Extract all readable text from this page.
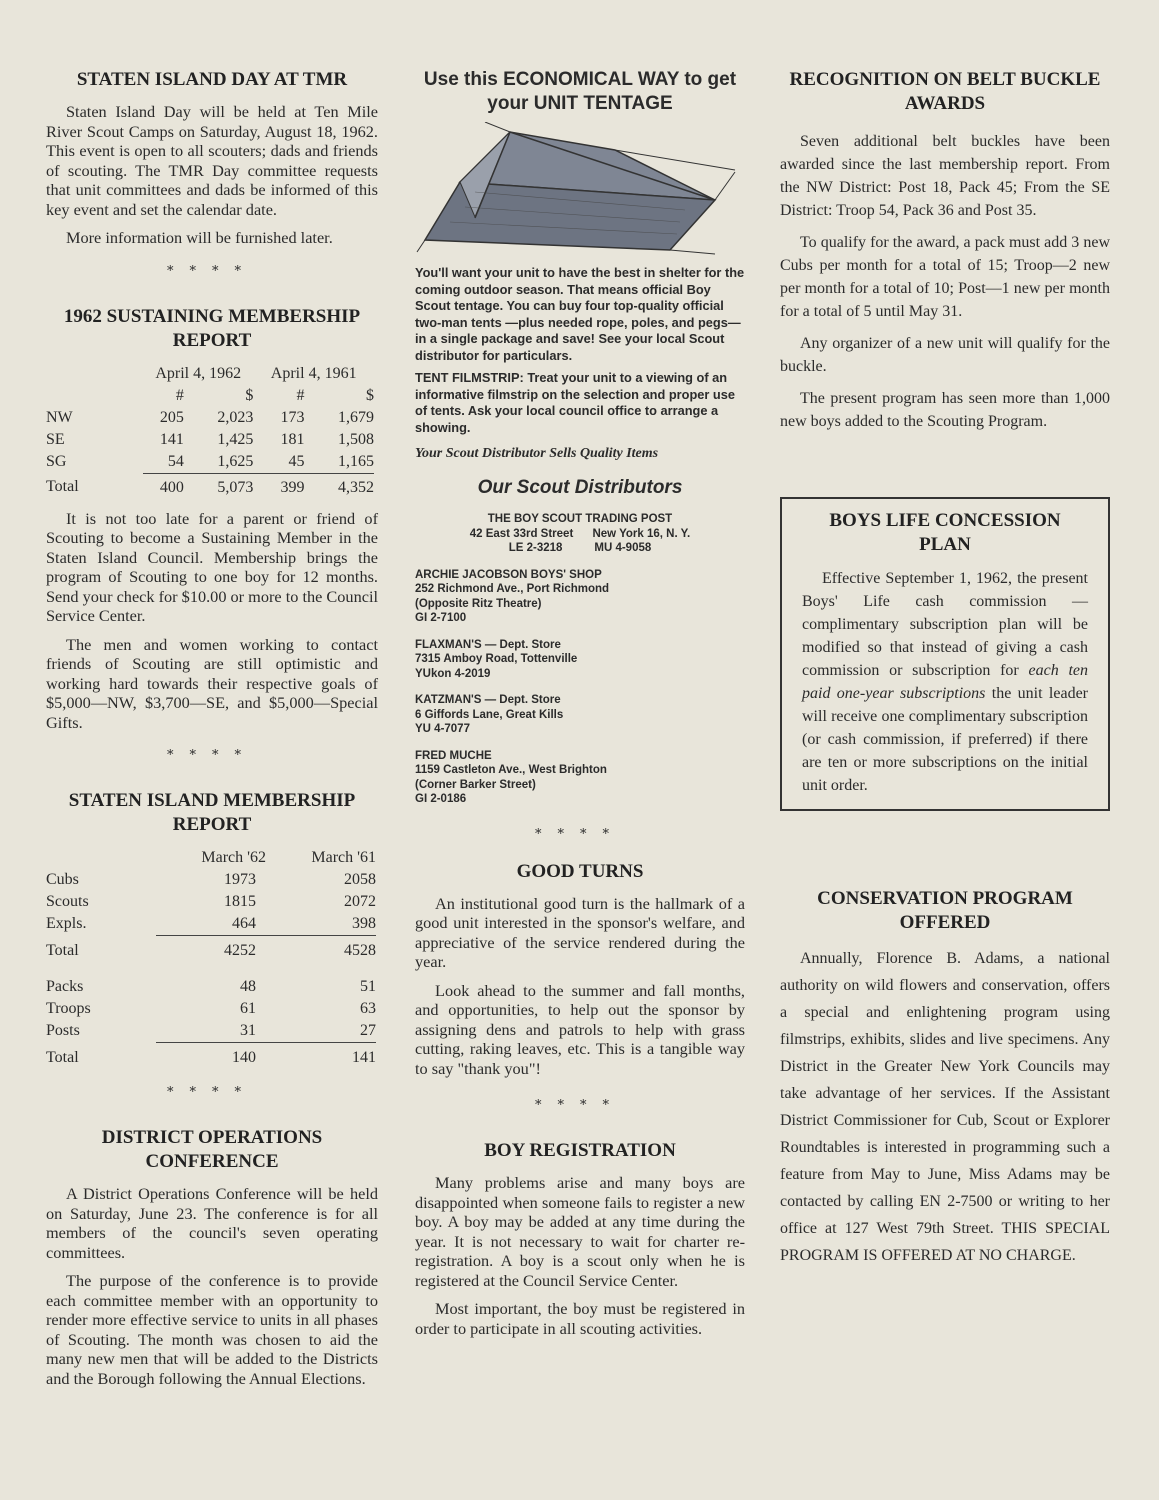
STATEN ISLAND DAY AT TMR

Staten Island Day will be held at Ten Mile River Scout Camps on Saturday, August 18, 1962. This event is open to all scouters; dads and friends of scouting. The TMR Day committee requests that unit committees and dads be informed of this key event and set the calendar date.

More information will be furnished later.

****
1962 SUSTAINING MEMBERSHIP REPORT
	April 4, 1962		April 4, 1961	
	#	$	#	$
NW	205	2,023	173	1,679
SE	141	1,425	181	1,508
SG	54	1,625	45	1,165
Total	400	5,073	399	4,352

It is not too late for a parent or friend of Scouting to become a Sustaining Member in the Staten Island Council. Membership brings the program of Scouting to one boy for 12 months. Send your check for $10.00 or more to the Council Service Center.

The men and women working to contact friends of Scouting are still optimistic and working hard towards their respective goals of $5,000—NW, $3,700—SE, and $5,000—Special Gifts.

****
STATEN ISLAND MEMBERSHIP REPORT
	March '62	March '61
Cubs	1973	2058
Scouts	1815	2072
Expls.	464	398
Total	4252	4528

Packs	48	51
Troops	61	63
Posts	31	27
Total	140	141
****
DISTRICT OPERATIONS CONFERENCE

A District Operations Conference will be held on Saturday, June 23. The conference is for all members of the council's seven operating committees.

The purpose of the conference is to provide each committee member with an opportunity to render more effective service to units in all phases of Scouting. The month was chosen to aid the many new men that will be added to the Districts and the Borough following the Annual Elections.

Use this ECONOMICAL WAY to get your UNIT TENTAGE

You'll want your unit to have the best in shelter for the coming outdoor season. That means official Boy Scout tentage. You can buy four top-quality official two-man tents —plus needed rope, poles, and pegs—in a single package and save! See your local Scout distributor for particulars.

TENT FILMSTRIP: Treat your unit to a viewing of an informative filmstrip on the selection and proper use of tents. Ask your local council office to arrange a showing.

Your Scout Distributor Sells Quality Items
Our Scout Distributors
THE BOY SCOUT TRADING POST
42 East 33rd Street New York 16, N. Y.
LE 2-3218	MU 4-9058
ARCHIE JACOBSON BOYS' SHOP
252 Richmond Ave., Port Richmond
(Opposite Ritz Theatre)
GI 2-7100
FLAXMAN'S — Dept. Store
7315 Amboy Road, Tottenville
YUkon 4-2019
KATZMAN'S — Dept. Store
6 Giffords Lane, Great Kills
YU 4-7077
FRED MUCHE
1159 Castleton Ave., West Brighton
(Corner Barker Street)
GI 2-0186
****
GOOD TURNS

An institutional good turn is the hallmark of a good unit interested in the sponsor's welfare, and appreciative of the service rendered during the year.

Look ahead to the summer and fall months, and opportunities, to help out the sponsor by assigning dens and patrols to help with grass cutting, raking leaves, etc. This is a tangible way to say "thank you"!

****
BOY REGISTRATION

Many problems arise and many boys are disappointed when someone fails to register a new boy. A boy may be added at any time during the year. It is not necessary to wait for charter re-registration. A boy is a scout only when he is registered at the Council Service Center.

Most important, the boy must be registered in order to participate in all scouting activities.

RECOGNITION ON BELT BUCKLE AWARDS

Seven additional belt buckles have been awarded since the last membership report. From the NW District: Post 18, Pack 45; From the SE District: Troop 54, Pack 36 and Post 35.

To qualify for the award, a pack must add 3 new Cubs per month for a total of 15; Troop—2 new per month for a total of 10; Post—1 new per month for a total of 5 until May 31.

Any organizer of a new unit will qualify for the buckle.

The present program has seen more than 1,000 new boys added to the Scouting Program.

BOYS LIFE CONCESSION PLAN

Effective September 1, 1962, the present Boys' Life cash commission —complimentary subscription plan will be modified so that instead of giving a cash commission or subscription for each ten paid one-year subscriptions the unit leader will receive one complimentary subscription (or cash commission, if preferred) if there are ten or more subscriptions on the initial unit order.

CONSERVATION PROGRAM OFFERED

Annually, Florence B. Adams, a national authority on wild flowers and conservation, offers a special and enlightening program using filmstrips, exhibits, slides and live specimens. Any District in the Greater New York Councils may take advantage of her services. If the Assistant District Commissioner for Cub, Scout or Explorer Roundtables is interested in programming such a feature from May to June, Miss Adams may be contacted by calling EN 2-7500 or writing to her office at 127 West 79th Street. THIS SPECIAL PROGRAM IS OFFERED AT NO CHARGE.
